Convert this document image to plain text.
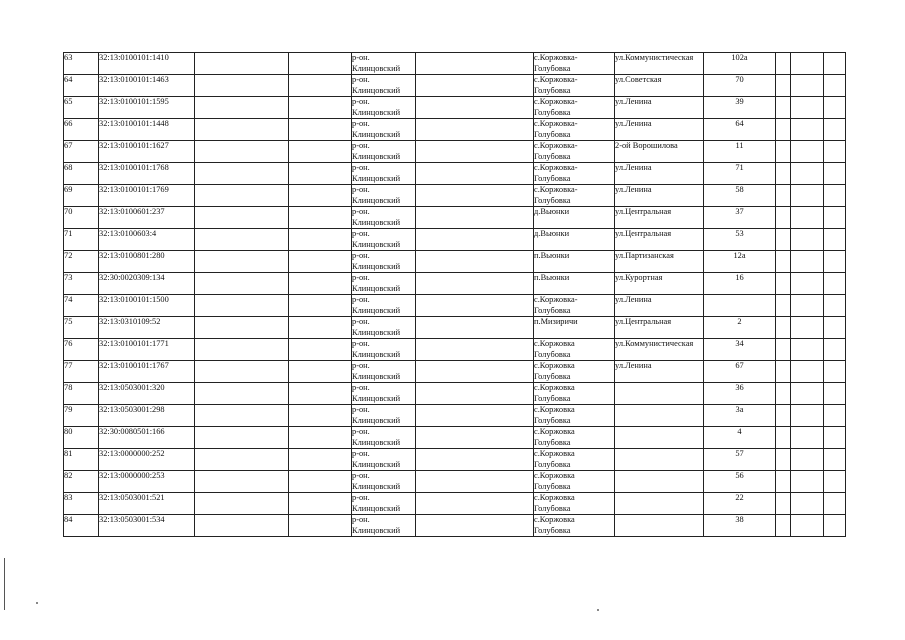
63	32:13:0100101:1410			р-он.
Клинцовский		с.Коржовка-
Голубовка	ул.Коммунистическая	102а			

64	32:13:0100101:1463			р-он.
Клинцовский		с.Коржовка-
Голубовка	ул.Советская	70			

65	32:13:0100101:1595			р-он.
Клинцовский		с.Коржовка-
Голубовка	ул.Ленина	39			

66	32:13:0100101:1448			р-он.
Клинцовский		с.Коржовка-
Голубовка	ул.Ленина	64			

67	32:13:0100101:1627			р-он.
Клинцовский		с.Коржовка-
Голубовка	2-ой Ворошилова	11			

68	32:13:0100101:1768			р-он.
Клинцовский		с.Коржовка-
Голубовка	ул.Ленина	71			

69	32:13:0100101:1769			р-он.
Клинцовский		с.Коржовка-
Голубовка	ул.Ленина	58			

70	32:13:0100601:237			р-он.
Клинцовский		д.Вьюнки	ул.Центральная	37			

71	32:13:0100603:4			р-он.
Клинцовский		д.Вьюнки	ул.Центральная	53			

72	32:13:0100801:280			р-он.
Клинцовский		п.Вьюнки	ул.Партизанская	12а			

73	32:30:0020309:134			р-он.
Клинцовский		п.Вьюнки	ул.Курортная	16			

74	32:13:0100101:1500			р-он.
Клинцовский		с.Коржовка-
Голубовка	ул.Ленина				

75	32:13:0310109:52			р-он.
Клинцовский		п.Мизиричи	ул.Центральная	2			

76	32:13:0100101:1771			р-он.
Клинцовский		с.Коржовка
Голубовка	ул.Коммунистическая	34			

77	32:13:0100101:1767			р-он.
Клинцовский		с.Коржовка
Голубовка	ул.Ленина	67			

78	32:13:0503001:320			р-он.
Клинцовский		с.Коржовка
Голубовка		36			

79	32:13:0503001:298			р-он.
Клинцовский		с.Коржовка
Голубовка		3а			

80	32:30:0080501:166			р-он.
Клинцовский		с.Коржовка
Голубовка		4			

81	32:13:0000000:252			р-он.
Клинцовский		с.Коржовка
Голубовка		57			

82	32:13:0000000:253			р-он.
Клинцовский		с.Коржовка
Голубовка		56			

83	32:13:0503001:521			р-он.
Клинцовский		с.Коржовка
Голубовка		22			

84	32:13:0503001:534			р-он.
Клинцовский		с.Коржовка
Голубовка		38			
